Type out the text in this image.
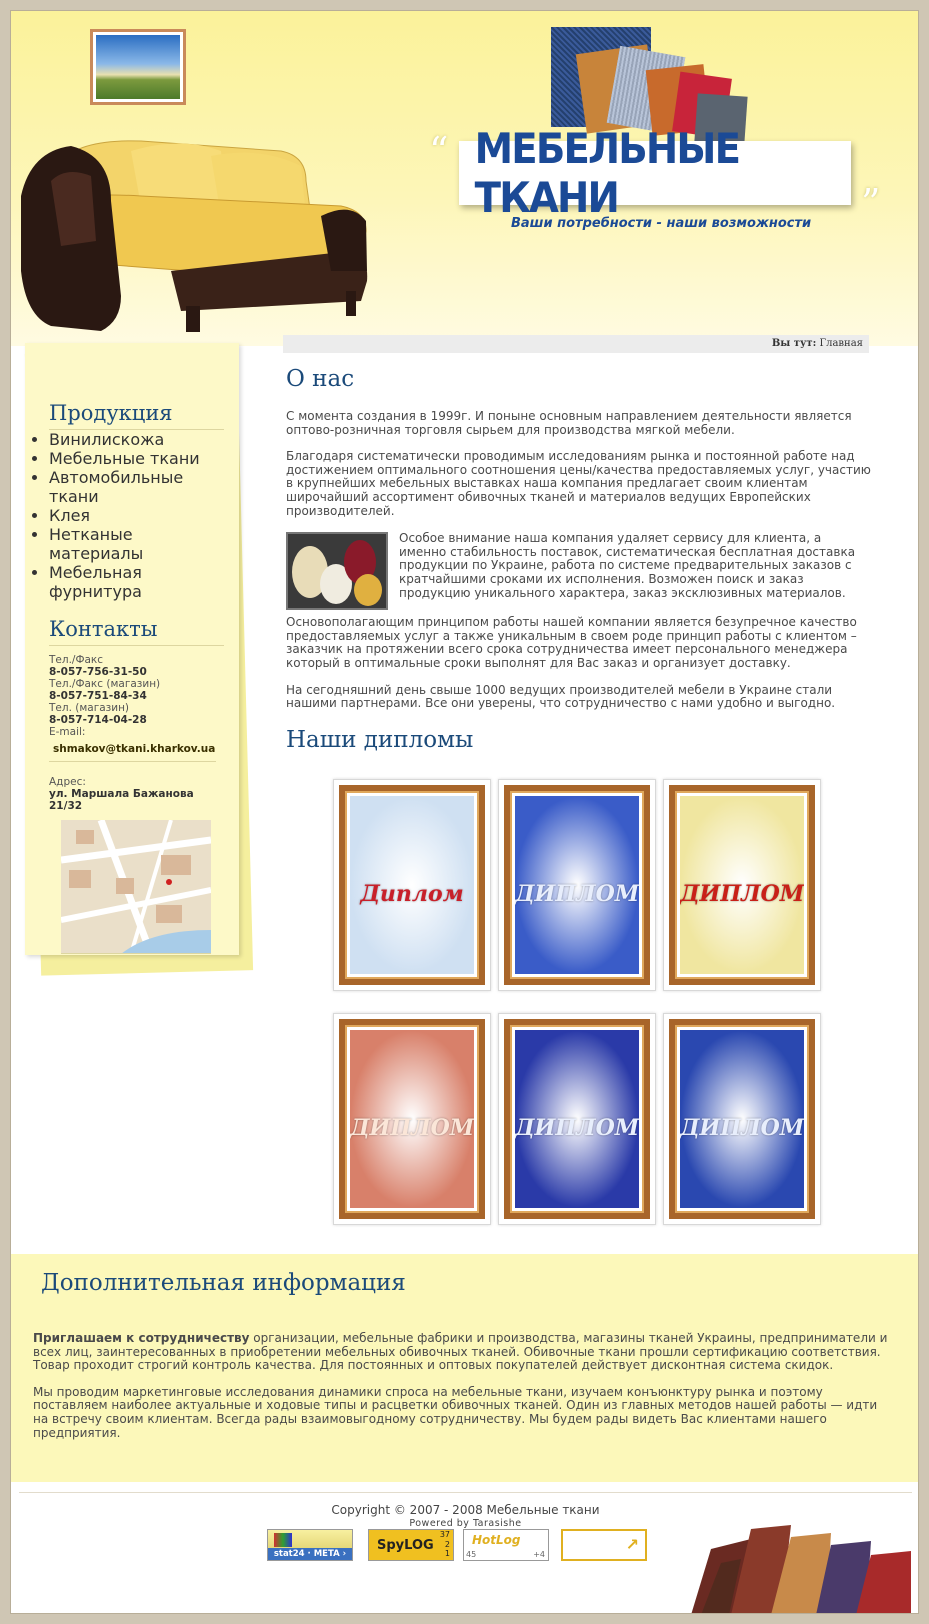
“ МЕБЕЛЬНЫЕ ТКАНИ	”
Ваши потребности - наши возможности
Вы тут: Главная
Продукция
• Винилискожа
• Мебельные ткани
• Автомобильные ткани
• Клея
• Нетканые материалы
• Мебельная фурнитура
Контакты
Тел./Факс
8-057-756-31-50
Тел./Факс (магазин)
8-057-751-84-34
Тел. (магазин)
8-057-714-04-28
E-mail:
shmakov@tkani.kharkov.ua
Адрес:
ул. Маршала Бажанова
21/32
О нас
С момента создания в 1999г. И поныне основным направлением деятельности является оптово-розничная торговля сырьем для производства мягкой мебели.
Благодаря систематически проводимым исследованиям рынка и постоянной работе над достижением оптимального соотношения цены/качества предоставляемых услуг, участию в крупнейших мебельных выставках наша компания предлагает своим клиентам широчайший ассортимент обивочных тканей и материалов ведущих Европейских производителей.
Особое внимание наша компания удаляет сервису для клиента, а именно стабильность поставок, систематическая бесплатная доставка продукции по Украине, работа по системе предварительных заказов с кратчайшими сроками их исполнения. Возможен поиск и заказ продукцию уникального характера, заказ эксклюзивных материалов.
Основополагающим принципом работы нашей компании является безупречное качество предоставляемых услуг а также уникальным в своем роде принцип работы с клиентом – заказчик на протяжении всего срока сотрудничества имеет персонального менеджера который в оптимальные сроки выполнят для Вас заказ и организует доставку.
На сегодняшний день свыше 1000 ведущих производителей мебели в Украине стали нашими партнерами. Все они уверены, что сотрудничество с нами удобно и выгодно.
Наши дипломы
Диплом	ДИПЛОМ ДИПЛОМ
ДИПЛОМ ДИПЛОМ ДИПЛОМ
Дополнительная информация
Приглашаем к сотрудничеству организации, мебельные фабрики и производства, магазины тканей Украины, предприниматели и всех лиц, заинтересованных в приобретении мебельных обивочных тканей. Обивочные ткани прошли сертификацию соответствия. Товар проходит строгий контроль качества. Для постоянных и оптовых покупателей действует дисконтная система скидок.
Мы проводим маркетинговые исследования динамики спроса на мебельные ткани, изучаем конъюнктуру рынка и поэтому поставляем наиболее актуальные и ходовые типы и расцветки обивочных тканей. Один из главных методов нашей работы — идти на встречу своим клиентам. Всегда рады взаимовыгодному сотрудничеству. Мы будем рады видеть Вас клиентами нашего предприятия.
Copyright © 2007 - 2008 Мебельные ткани
Powered by Tarasishe
stat24 · META ›
SpyLOG
37
2
1
HotLog
45	+4
↗
